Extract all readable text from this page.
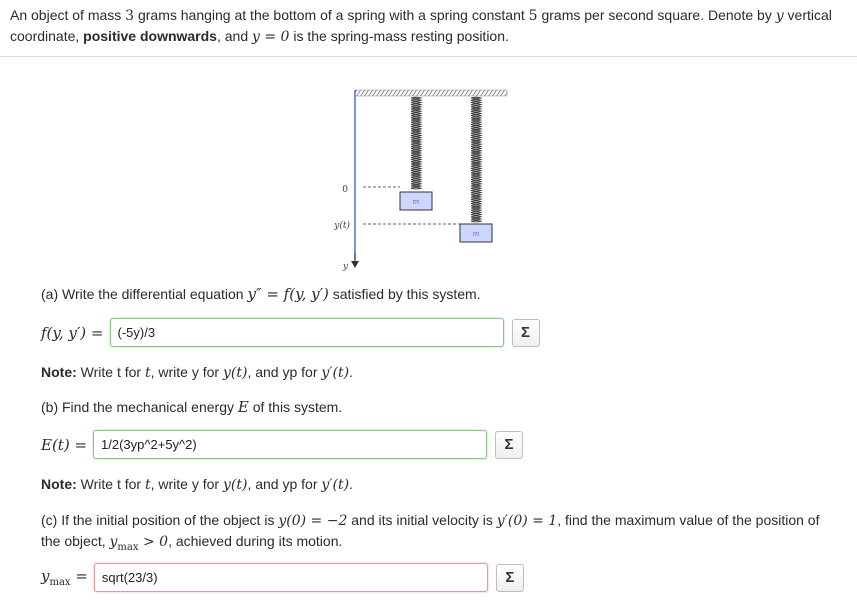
An object of mass 3 grams hanging at the bottom of a spring with a spring constant 5 grams per second square. Denote by y vertical coordinate, positive downwards, and y = 0 is the spring-mass resting position.
m
m
0
y(t)
y
(a) Write the differential equation y″ = f(y, y′) satisfied by this system.
f(y, y′) = (-5y)/3	Σ
Note: Write t for t, write y for y(t), and yp for y′(t).
(b) Find the mechanical energy E of this system.
E(t) = 1/2(3yp^2+5y^2)	Σ
Note: Write t for t, write y for y(t), and yp for y′(t).
(c) If the initial position of the object is y(0) = −2 and its initial velocity is y′(0) = 1, find the maximum value of the position of the object, $y_{max} > 0$, achieved during its motion.
$y_{max}$ = sqrt(23/3)	Σ
